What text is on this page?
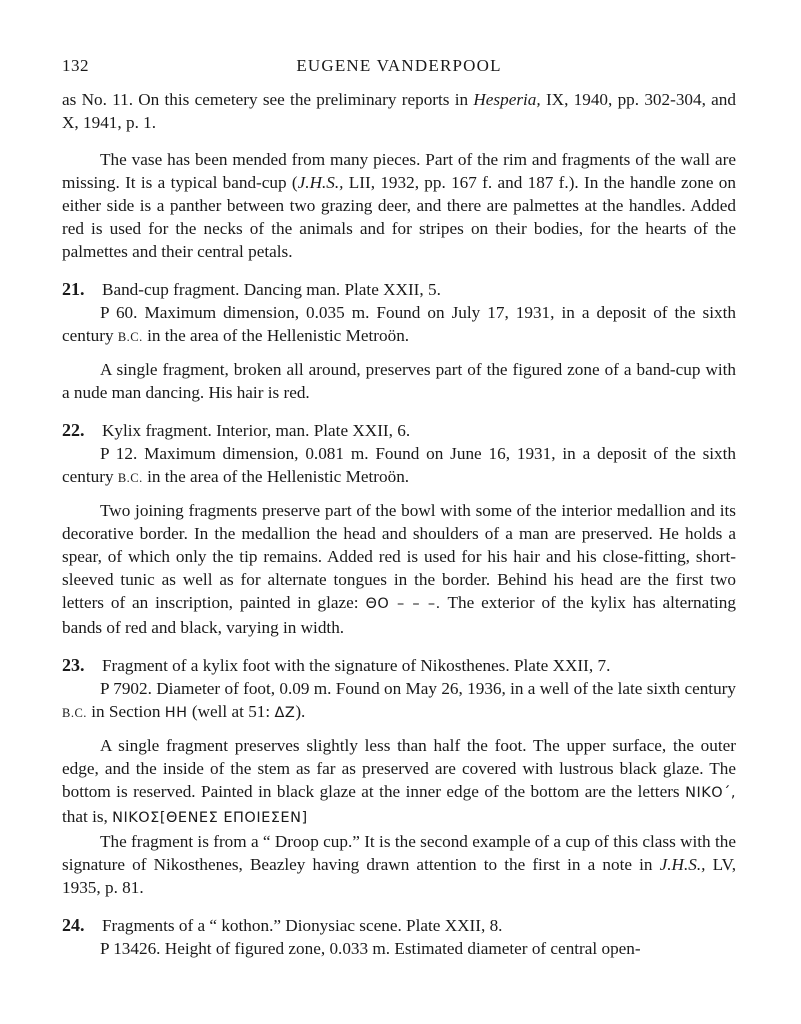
132	EUGENE VANDERPOOL

as No. 11. On this cemetery see the preliminary reports in Hesperia, IX, 1940, pp. 302-304, and X, 1941, p. 1.

The vase has been mended from many pieces. Part of the rim and fragments of the wall are missing. It is a typical band-cup (J.H.S., LII, 1932, pp. 167 f. and 187 f.). In the handle zone on either side is a panther between two grazing deer, and there are palmettes at the handles. Added red is used for the necks of the animals and for stripes on their bodies, for the hearts of the palmettes and their central petals.

21. Band-cup fragment. Dancing man. Plate XXII, 5.

P 60. Maximum dimension, 0.035 m. Found on July 17, 1931, in a deposit of the sixth century B.C. in the area of the Hellenistic Metroön.

A single fragment, broken all around, preserves part of the figured zone of a band-cup with a nude man dancing. His hair is red.

22. Kylix fragment. Interior, man. Plate XXII, 6.

P 12. Maximum dimension, 0.081 m. Found on June 16, 1931, in a deposit of the sixth century B.C. in the area of the Hellenistic Metroön.

Two joining fragments preserve part of the bowl with some of the interior medallion and its decorative border. In the medallion the head and shoulders of a man are preserved. He holds a spear, of which only the tip remains. Added red is used for his hair and his close-fitting, short-sleeved tunic as well as for alternate tongues in the border. Behind his head are the first two letters of an inscription, painted in glaze: ΘΟ – – –. The exterior of the kylix has alternating bands of red and black, varying in width.

23. Fragment of a kylix foot with the signature of Nikosthenes. Plate XXII, 7.

P 7902. Diameter of foot, 0.09 m. Found on May 26, 1936, in a well of the late sixth century B.C. in Section HH (well at 51: ΔΖ).

A single fragment preserves slightly less than half the foot. The upper surface, the outer edge, and the inside of the stem as far as preserved are covered with lustrous black glaze. The bottom is reserved. Painted in black glaze at the inner edge of the bottom are the letters ΝΙΚΟ΄, that is, ΝΙΚΟΣ[ΘΕΝΕΣ ΕΠΟΙΕΣΕΝ]

The fragment is from a “ Droop cup.” It is the second example of a cup of this class with the signature of Nikosthenes, Beazley having drawn attention to the first in a note in J.H.S., LV, 1935, p. 81.

24. Fragments of a “ kothon.” Dionysiac scene. Plate XXII, 8.

P 13426. Height of figured zone, 0.033 m. Estimated diameter of central open-
